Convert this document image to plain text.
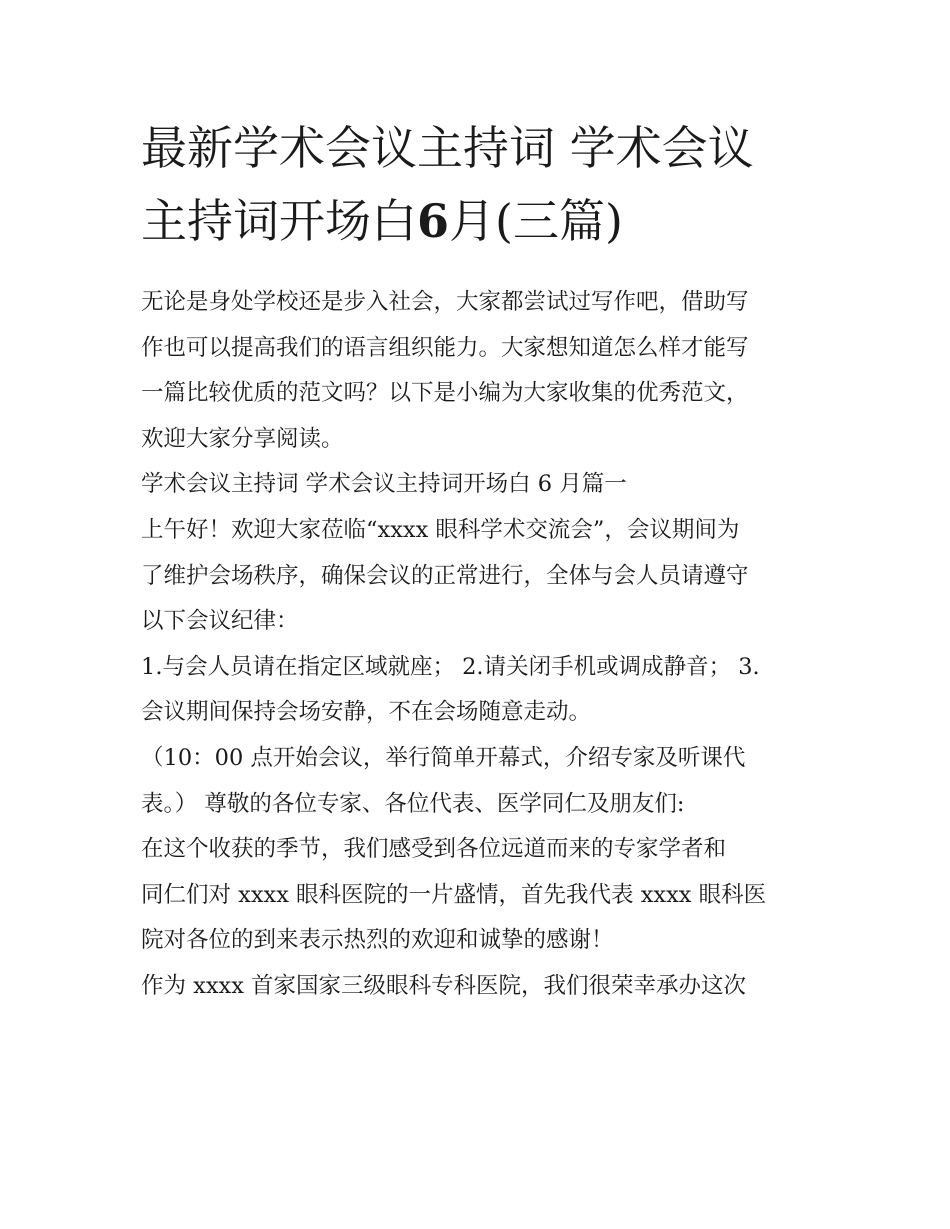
最新学术会议主持词 学术会议
主持词开场白6月(三篇)
无论是身处学校还是步入社会，大家都尝试过写作吧，借助写
作也可以提高我们的语言组织能力。大家想知道怎么样才能写
一篇比较优质的范文吗？以下是小编为大家收集的优秀范文，
欢迎大家分享阅读。
学术会议主持词 学术会议主持词开场白 6 月篇一
上午好！欢迎大家莅临“xxxx 眼科学术交流会”，会议期间为
了维护会场秩序，确保会议的正常进行，全体与会人员请遵守
以下会议纪律：
1.与会人员请在指定区域就座； 2.请关闭手机或调成静音； 3.
会议期间保持会场安静，不在会场随意走动。
（10：00 点开始会议，举行简单开幕式，介绍专家及听课代
表。） 尊敬的各位专家、各位代表、医学同仁及朋友们:
在这个收获的季节，我们感受到各位远道而来的专家学者和
同仁们对 xxxx 眼科医院的一片盛情，首先我代表 xxxx 眼科医
院对各位的到来表示热烈的欢迎和诚挚的感谢！
作为 xxxx 首家国家三级眼科专科医院，我们很荣幸承办这次
